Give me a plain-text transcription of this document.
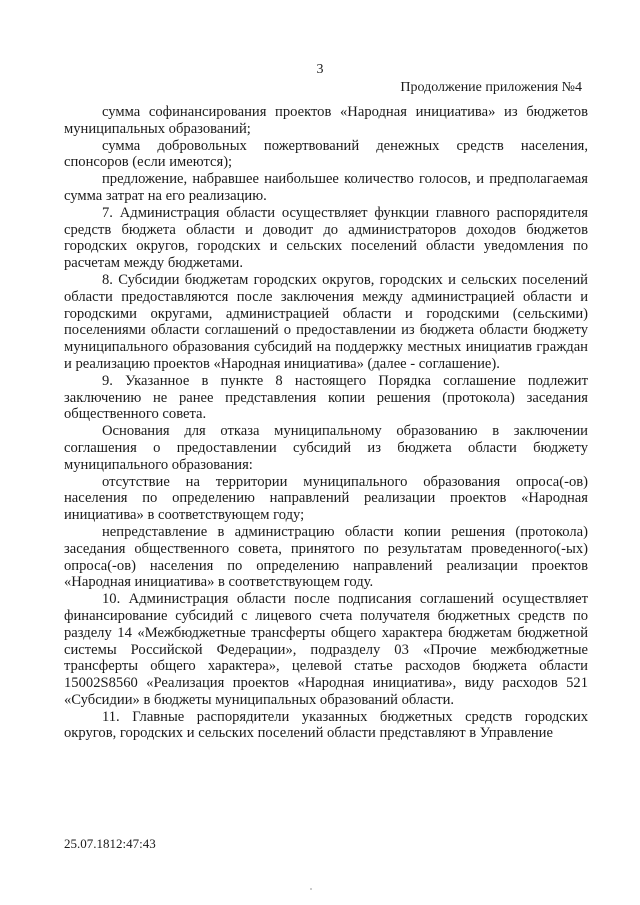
3
Продолжение приложения №4

сумма софинансирования проектов «Народная инициатива» из бюджетов муниципальных образований;

сумма добровольных пожертвований денежных средств населения, спонсоров (если имеются);

предложение, набравшее наибольшее количество голосов, и предполагаемая сумма затрат на его реализацию.

7. Администрация области осуществляет функции главного распорядителя средств бюджета области и доводит до администраторов доходов бюджетов городских округов, городских и сельских поселений области уведомления по расчетам между бюджетами.

8. Субсидии бюджетам городских округов, городских и сельских поселений области предоставляются после заключения между администрацией области и городскими округами, администрацией области и городскими (сельскими) поселениями области соглашений о предоставлении из бюджета области бюджету муниципального образования субсидий на поддержку местных инициатив граждан и реализацию проектов «Народная инициатива» (далее - соглашение).

9. Указанное в пункте 8 настоящего Порядка соглашение подлежит заключению не ранее представления копии решения (протокола) заседания общественного совета.

Основания для отказа муниципальному образованию в заключении соглашения о предоставлении субсидий из бюджета области бюджету муниципального образования:

отсутствие на территории муниципального образования опроса(-ов) населения по определению направлений реализации проектов «Народная инициатива» в соответствующем году;

непредставление в администрацию области копии решения (протокола) заседания общественного совета, принятого по результатам проведенного(-ых) опроса(-ов) населения по определению направлений реализации проектов «Народная инициатива» в соответствующем году.

10. Администрация области после подписания соглашений осуществляет финансирование субсидий с лицевого счета получателя бюджетных средств по разделу 14 «Межбюджетные трансферты общего характера бюджетам бюджетной системы Российской Федерации», подразделу 03 «Прочие межбюджетные трансферты общего характера», целевой статье расходов бюджета области 15002S8560 «Реализация проектов «Народная инициатива», виду расходов 521 «Субсидии» в бюджеты муниципальных образований области.

11. Главные распорядители указанных бюджетных средств городских округов, городских и сельских поселений области представляют в Управление

25.07.1812:47:43
